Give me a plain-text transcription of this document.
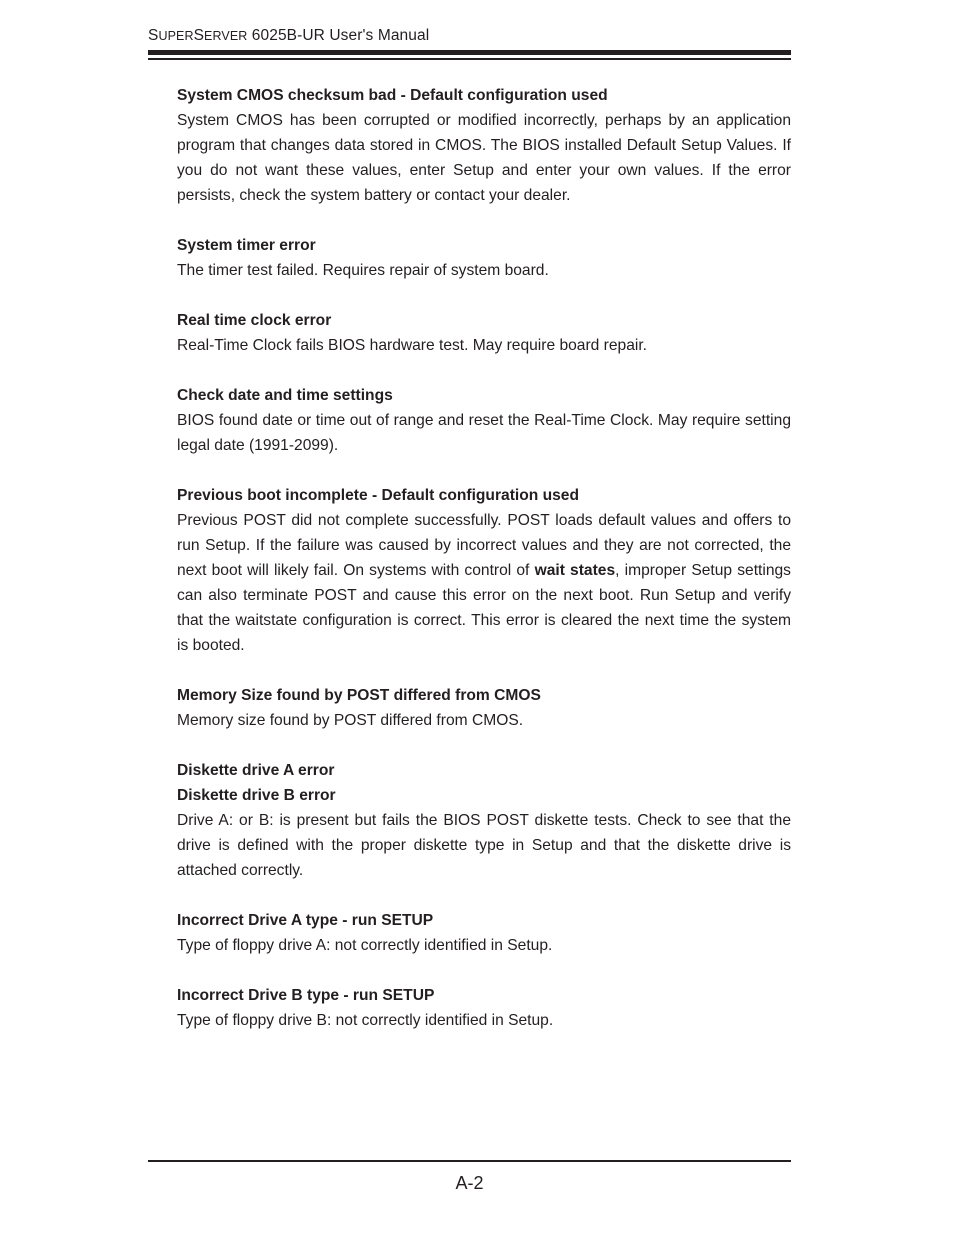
SUPERSERVER 6025B-UR User's Manual
System CMOS checksum bad - Default configuration used

System CMOS has been corrupted or modified incorrectly, perhaps by an application program that changes data stored in CMOS. The BIOS installed Default Setup Values. If you do not want these values, enter Setup and enter your own values. If the error persists, check the system battery or contact your dealer.

System timer error

The timer test failed. Requires repair of system board.

Real time clock error

Real-Time Clock fails BIOS hardware test. May require board repair.

Check date and time settings

BIOS found date or time out of range and reset the Real-Time Clock. May require setting legal date (1991-2099).

Previous boot incomplete - Default configuration used

Previous POST did not complete successfully. POST loads default values and offers to run Setup. If the failure was caused by incorrect values and they are not corrected, the next boot will likely fail. On systems with control of wait states, improper Setup settings can also terminate POST and cause this error on the next boot. Run Setup and verify that the waitstate configuration is correct. This error is cleared the next time the system is booted.

Memory Size found by POST differed from CMOS

Memory size found by POST differed from CMOS.

Diskette drive A error
Diskette drive B error

Drive A: or B: is present but fails the BIOS POST diskette tests. Check to see that the drive is defined with the proper diskette type in Setup and that the diskette drive is attached correctly.

Incorrect Drive A type - run SETUP

Type of floppy drive A: not correctly identified in Setup.

Incorrect Drive B type - run SETUP

Type of floppy drive B: not correctly identified in Setup.

A-2
